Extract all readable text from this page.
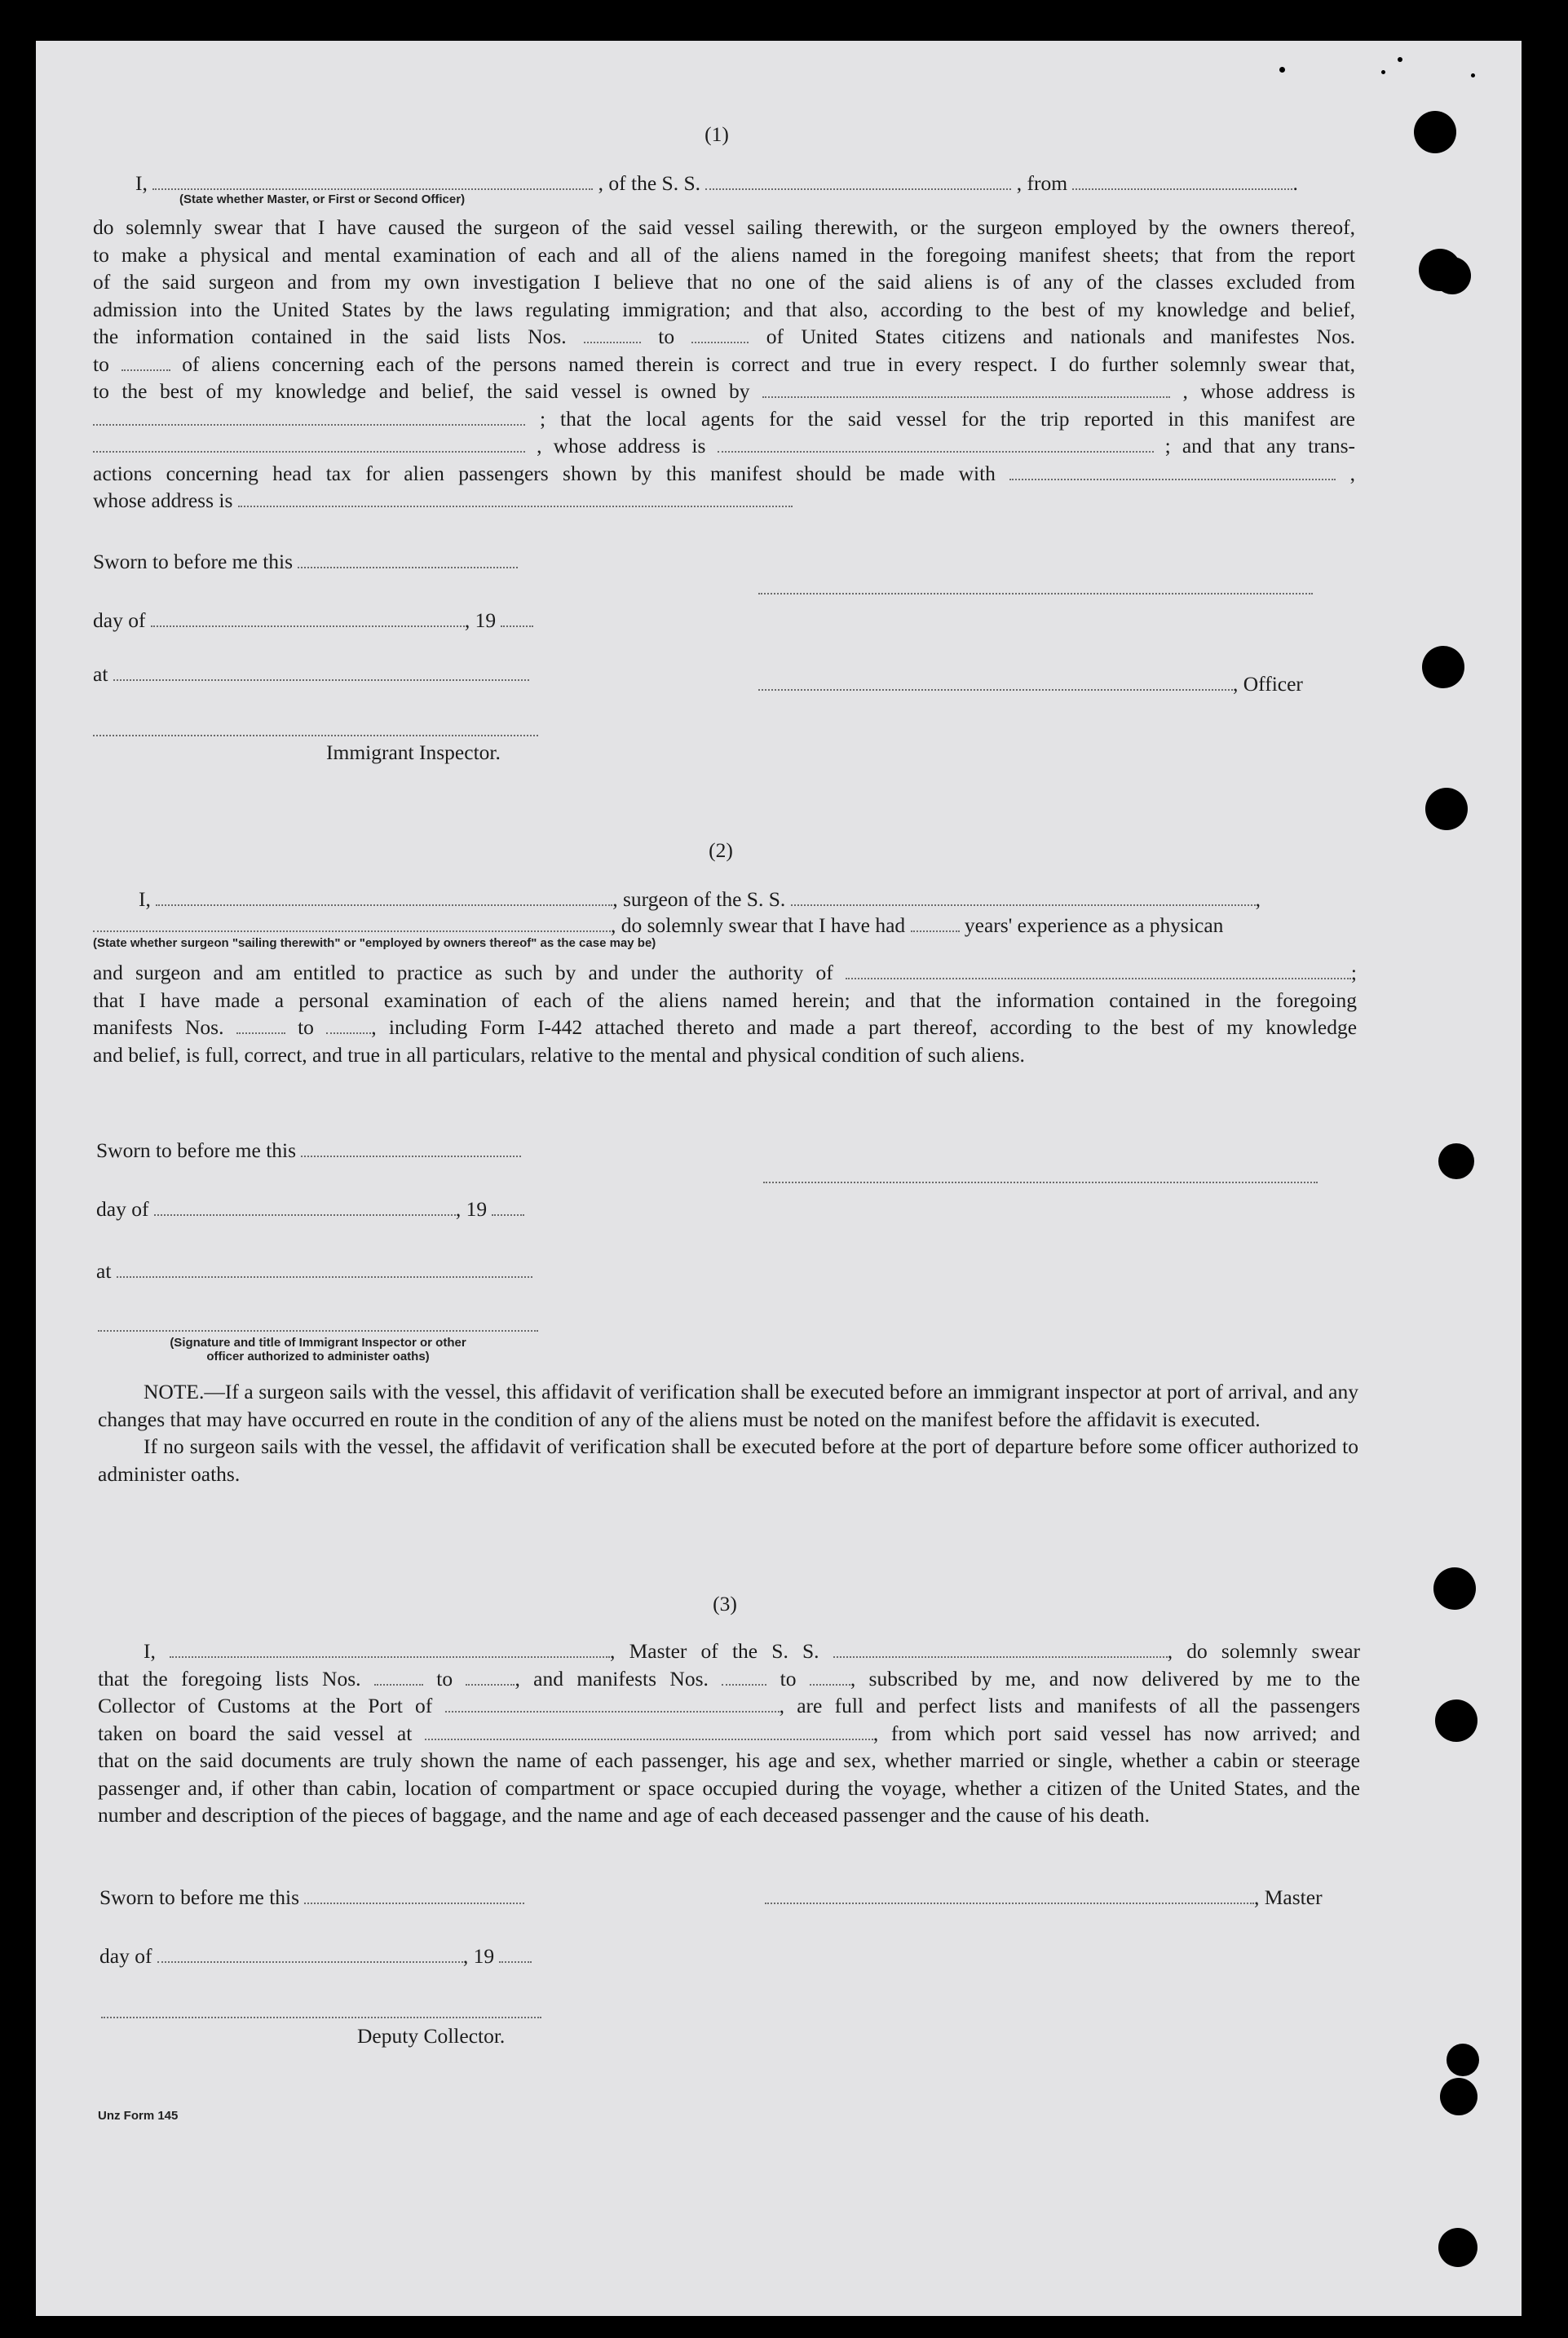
(1)
I,	, of the S. S.	, from	.
(State whether Master, or First or Second Officer)
do solemnly swear that I have caused the surgeon of the said vessel sailing therewith, or the surgeon employed by the owners thereof,
to make a physical and mental examination of each and all of the aliens named in the foregoing manifest sheets; that from the report
of the said surgeon and from my own investigation I believe that no one of the said aliens is of any of the classes excluded from
admission into the United States by the laws regulating immigration; and that also, according to the best of my knowledge and belief,
the information contained in the said lists Nos.	to	of United States citizens and nationals and manifestes Nos.
to	of aliens concerning each of the persons named therein is correct and true in every respect. I do further solemnly swear that,
to the best of my knowledge and belief, the said vessel is owned by	, whose address is
; that the local agents for the said vessel for the trip reported in this manifest are
, whose address is	; and that any trans-
actions concerning head tax for alien passengers shown by this manifest should be made with	,
whose address is
Sworn to before me this
day of	, 19
at	, Officer
Immigrant Inspector.
(2)
I,	, surgeon of the S. S.	,
, do solemnly swear that I have had	years' experience as a physican
(State whether surgeon "sailing therewith" or "employed by owners thereof" as the case may be)
and surgeon and am entitled to practice as such by and under the authority of	;
that I have made a personal examination of each of the aliens named herein; and that the information contained in the foregoing
manifests Nos.	to	, including Form I-442 attached thereto and made a part thereof, according to the best of my knowledge
and belief, is full, correct, and true in all particulars, relative to the mental and physical condition of such aliens.
Sworn to before me this
day of	, 19
at
(Signature and title of Immigrant Inspector or other
officer authorized to administer oaths)
NOTE.—If a surgeon sails with the vessel, this affidavit of verification shall be executed before an immigrant inspector at port of arrival, and any changes that may have occurred en route in the condition of any of the aliens must be noted on the manifest before the affidavit is executed.
If no surgeon sails with the vessel, the affidavit of verification shall be executed before at the port of departure before some officer authorized to administer oaths.
(3)
I,	, Master of the S. S.	, do solemnly swear
that the foregoing lists Nos.	to	, and manifests Nos.	to	, subscribed by me, and now delivered by me to the
Collector of Customs at the Port of	, are full and perfect lists and manifests of all the passengers
taken on board the said vessel at	, from which port said vessel has now arrived; and
that on the said documents are truly shown the name of each passenger, his age and sex, whether married or single, whether a cabin or steerage passenger and, if other than cabin, location of compartment or space occupied during the voyage, whether a citizen of the United States, and the number and description of the pieces of baggage, and the name and age of each deceased passenger and the cause of his death.
Sworn to before me this	, Master
day of	, 19
Deputy Collector.
Unz Form 145
